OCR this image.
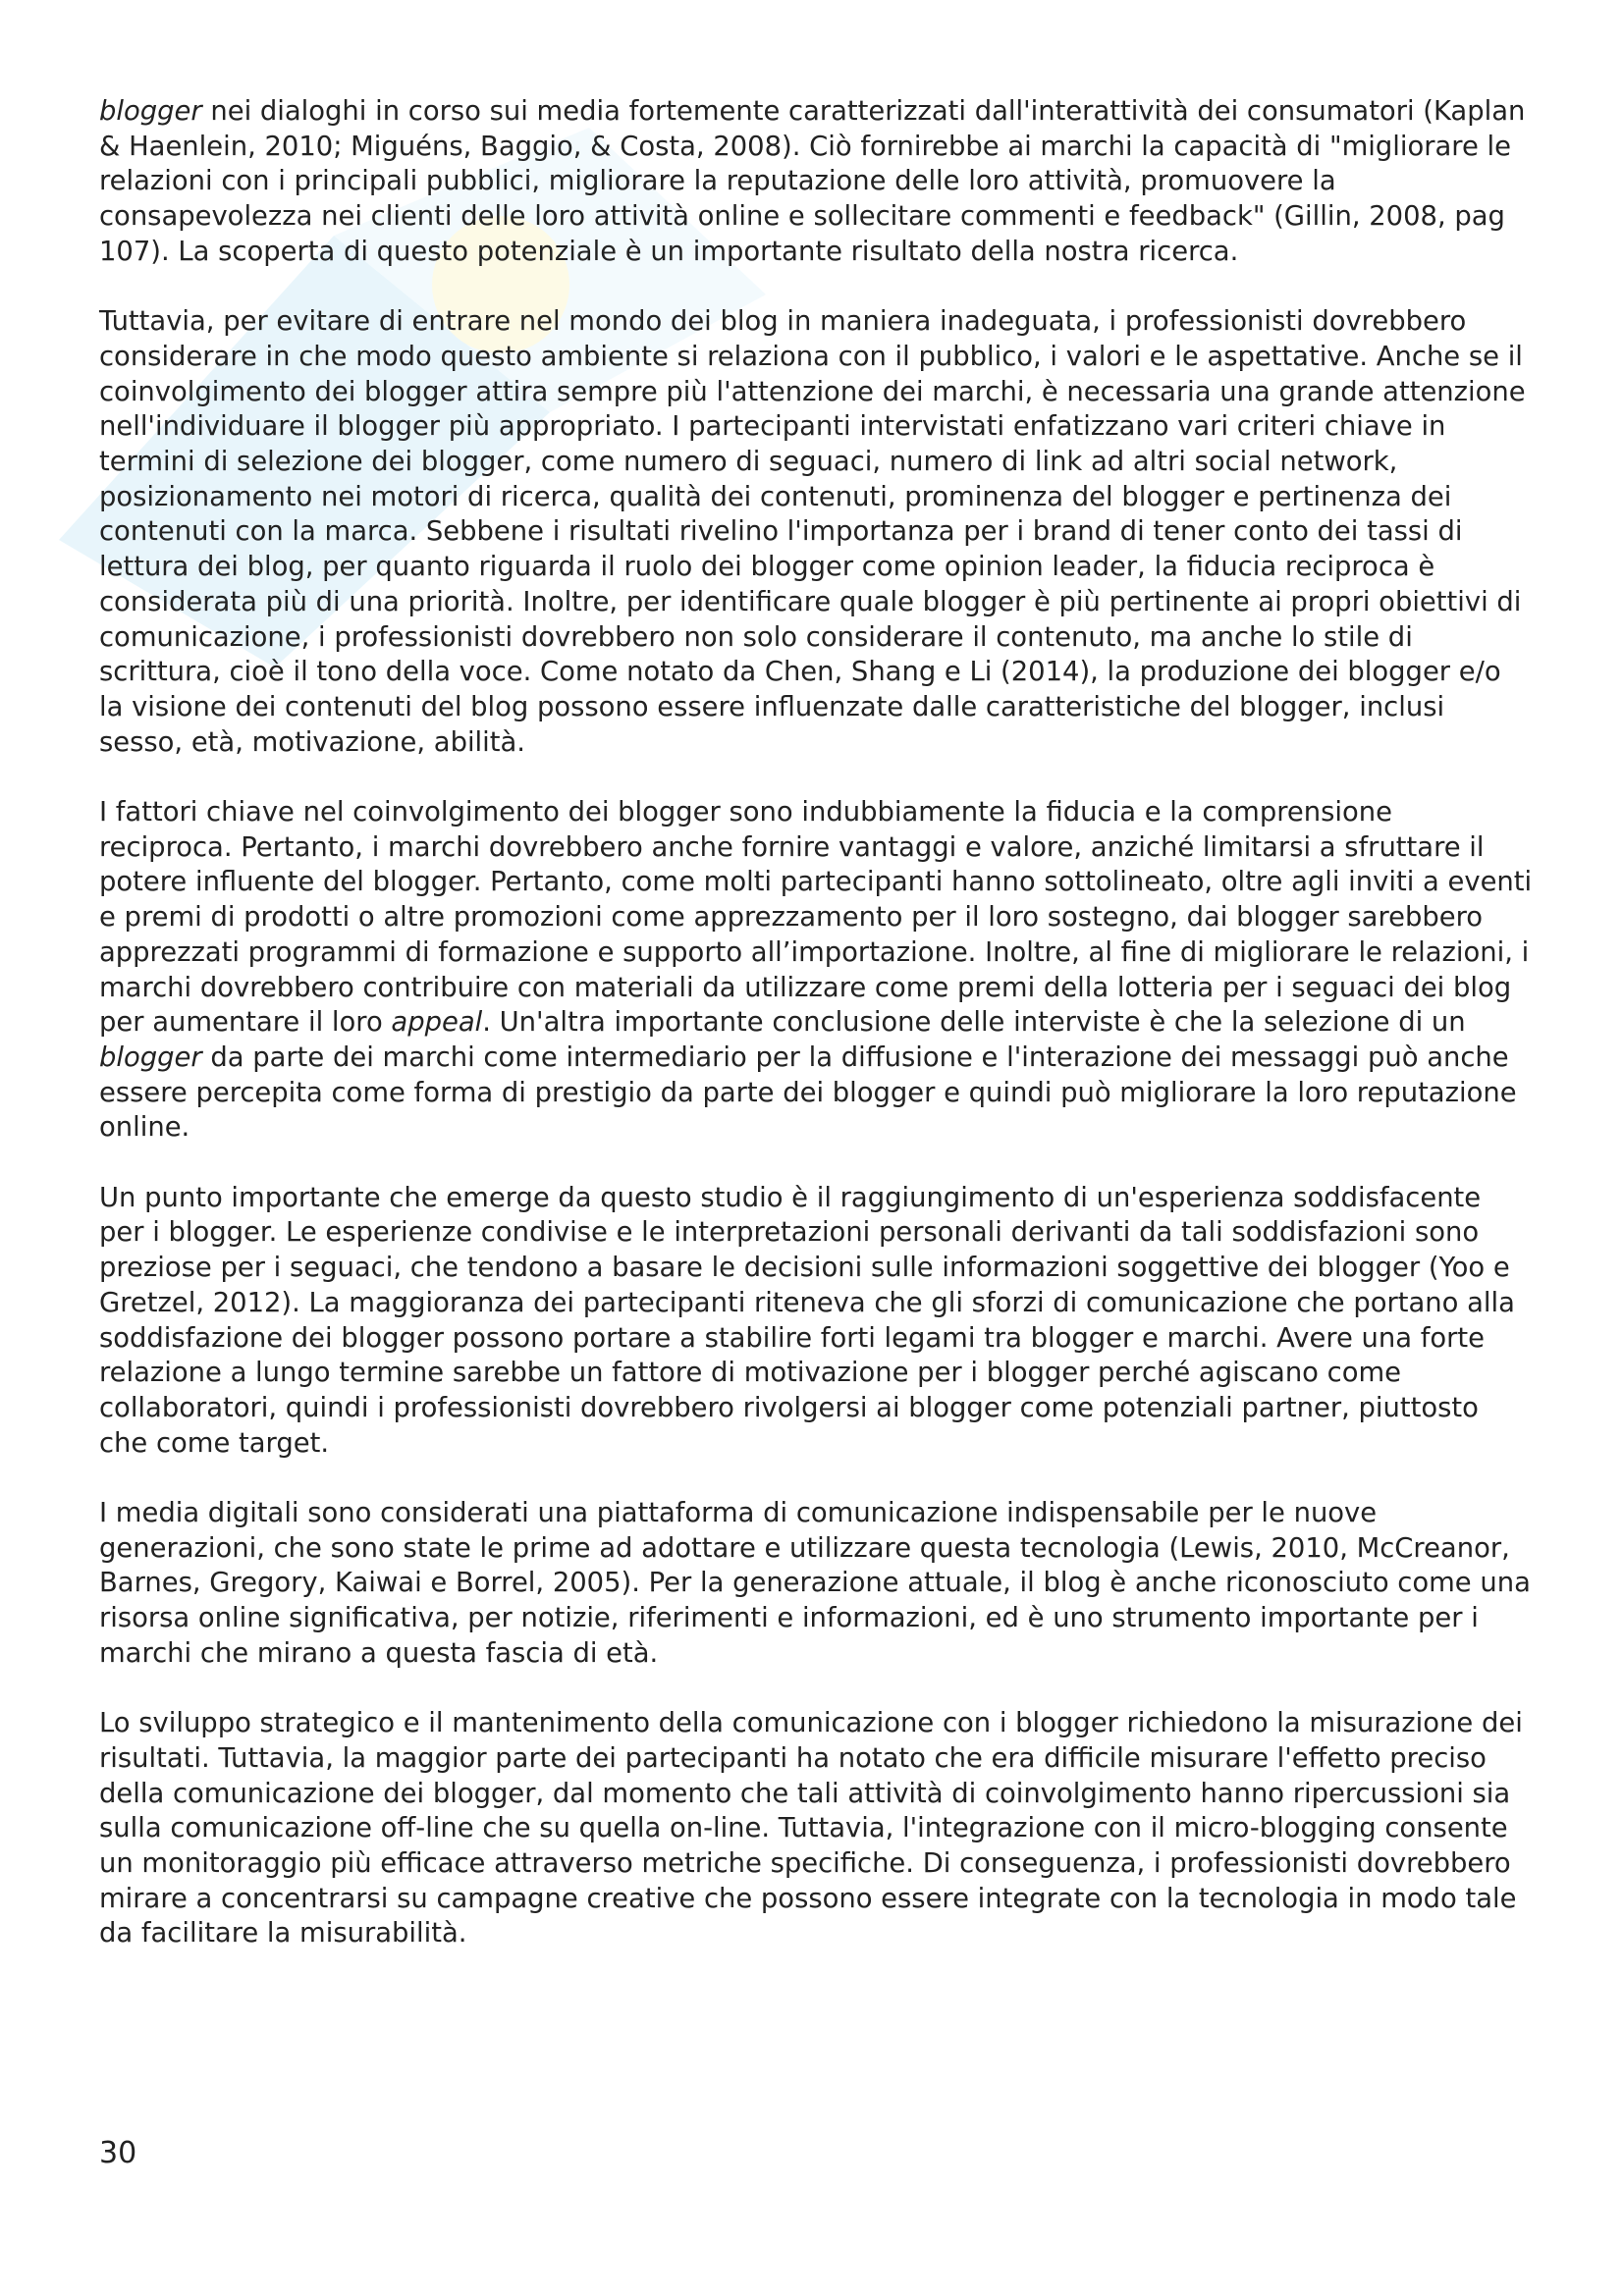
blogger nei dialoghi in corso sui media fortemente caratterizzati dall'interattività dei consumatori (Kaplan & Haenlein, 2010; Miguéns, Baggio, & Costa, 2008). Ciò fornirebbe ai marchi la capacità di "migliorare le relazioni con i principali pubblici, migliorare la reputazione delle loro attività, promuovere la consapevolezza nei clienti delle loro attività online e sollecitare commenti e feedback" (Gillin, 2008, pag 107). La scoperta di questo potenziale è un importante risultato della nostra ricerca.

Tuttavia, per evitare di entrare nel mondo dei blog in maniera inadeguata, i professionisti dovrebbero considerare in che modo questo ambiente si relaziona con il pubblico, i valori e le aspettative. Anche se il coinvolgimento dei blogger attira sempre più l'attenzione dei marchi, è necessaria una grande attenzione nell'individuare il blogger più appropriato. I partecipanti intervistati enfatizzano vari criteri chiave in termini di selezione dei blogger, come numero di seguaci, numero di link ad altri social network, posizionamento nei motori di ricerca, qualità dei contenuti, prominenza del blogger e pertinenza dei contenuti con la marca. Sebbene i risultati rivelino l'importanza per i brand di tener conto dei tassi di lettura dei blog, per quanto riguarda il ruolo dei blogger come opinion leader, la fiducia reciproca è considerata più di una priorità. Inoltre, per identificare quale blogger è più pertinente ai propri obiettivi di comunicazione, i professionisti dovrebbero non solo considerare il contenuto, ma anche lo stile di scrittura, cioè il tono della voce. Come notato da Chen, Shang e Li (2014), la produzione dei blogger e/o la visione dei contenuti del blog possono essere influenzate dalle caratteristiche del blogger, inclusi sesso, età, motivazione, abilità.

I fattori chiave nel coinvolgimento dei blogger sono indubbiamente la fiducia e la comprensione reciproca. Pertanto, i marchi dovrebbero anche fornire vantaggi e valore, anziché limitarsi a sfruttare il potere influente del blogger. Pertanto, come molti partecipanti hanno sottolineato, oltre agli inviti a eventi e premi di prodotti o altre promozioni come apprezzamento per il loro sostegno, dai blogger sarebbero apprezzati programmi di formazione e supporto all’importazione. Inoltre, al fine di migliorare le relazioni, i marchi dovrebbero contribuire con materiali da utilizzare come premi della lotteria per i seguaci dei blog per aumentare il loro appeal. Un'altra importante conclusione delle interviste è che la selezione di un blogger da parte dei marchi come intermediario per la diffusione e l'interazione dei messaggi può anche essere percepita come forma di prestigio da parte dei blogger e quindi può migliorare la loro reputazione online.

Un punto importante che emerge da questo studio è il raggiungimento di un'esperienza soddisfacente per i blogger. Le esperienze condivise e le interpretazioni personali derivanti da tali soddisfazioni sono preziose per i seguaci, che tendono a basare le decisioni sulle informazioni soggettive dei blogger (Yoo e Gretzel, 2012). La maggioranza dei partecipanti riteneva che gli sforzi di comunicazione che portano alla soddisfazione dei blogger possono portare a stabilire forti legami tra blogger e marchi. Avere una forte relazione a lungo termine sarebbe un fattore di motivazione per i blogger perché agiscano come collaboratori, quindi i professionisti dovrebbero rivolgersi ai blogger come potenziali partner, piuttosto che come target.

I media digitali sono considerati una piattaforma di comunicazione indispensabile per le nuove generazioni, che sono state le prime ad adottare e utilizzare questa tecnologia (Lewis, 2010, McCreanor, Barnes, Gregory, Kaiwai e Borrel, 2005). Per la generazione attuale, il blog è anche riconosciuto come una risorsa online significativa, per notizie, riferimenti e informazioni, ed è uno strumento importante per i marchi che mirano a questa fascia di età.

Lo sviluppo strategico e il mantenimento della comunicazione con i blogger richiedono la misurazione dei risultati. Tuttavia, la maggior parte dei partecipanti ha notato che era difficile misurare l'effetto preciso della comunicazione dei blogger, dal momento che tali attività di coinvolgimento hanno ripercussioni sia sulla comunicazione off-line che su quella on-line. Tuttavia, l'integrazione con il micro-blogging consente un monitoraggio più efficace attraverso metriche specifiche. Di conseguenza, i professionisti dovrebbero mirare a concentrarsi su campagne creative che possono essere integrate con la tecnologia in modo tale da facilitare la misurabilità.

30
